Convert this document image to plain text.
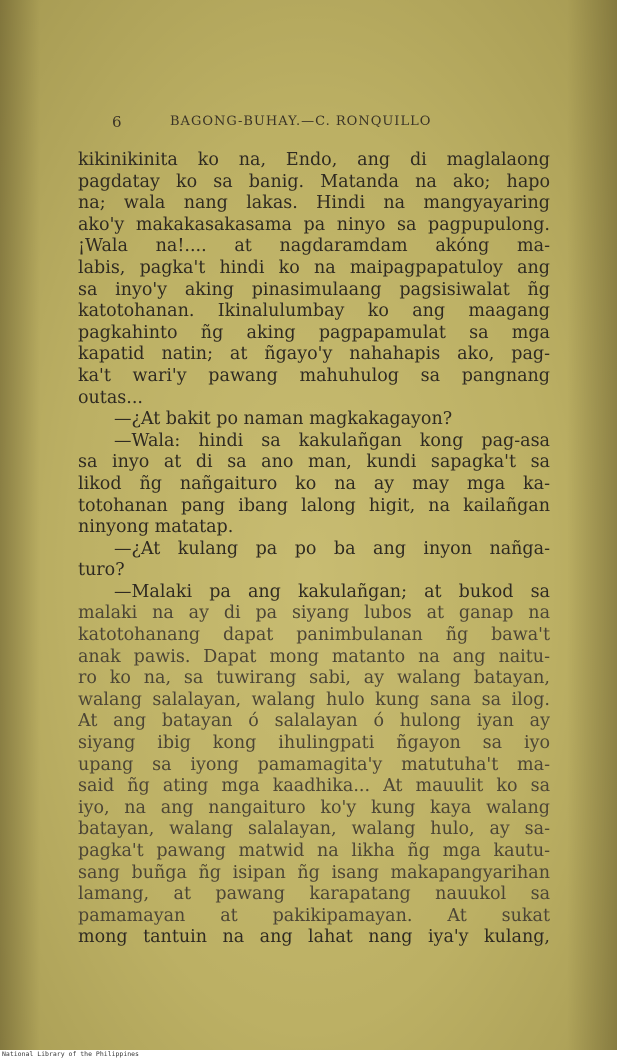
6	BAGONG-BUHAY.—C. RONQUILLO
kikinikinita ko na, Endo, ang di maglalaong
pagdatay ko sa banig. Matanda na ako; hapo
na; wala nang lakas. Hindi na mangyayaring
ako'y makakasakasama pa ninyo sa pagpupulong.
¡Wala na!.... at nagdaramdam akóng ma-
labis, pagka't hindi ko na maipagpapatuloy ang
sa inyo'y aking pinasimulaang pagsisiwalat ñg
katotohanan. Ikinalulumbay ko ang maagang
pagkahinto ñg aking pagpapamulat sa mga
kapatid natin; at ñgayo'y nahahapis ako, pag-
ka't wari'y pawang mahuhulog sa pangnang
outas...
—¿At bakit po naman magkakagayon?
—Wala: hindi sa kakulañgan kong pag-asa
sa inyo at di sa ano man, kundi sapagka't sa
likod ñg nañgaituro ko na ay may mga ka-
totohanan pang ibang lalong higit, na kailañgan
ninyong matatap.
—¿At kulang pa po ba ang inyon nañga-
turo?
—Malaki pa ang kakulañgan; at bukod sa
malaki na ay di pa siyang lubos at ganap na
katotohanang dapat panimbulanan ñg bawa't
anak pawis. Dapat mong matanto na ang naitu-
ro ko na, sa tuwirang sabi, ay walang batayan,
walang salalayan, walang hulo kung sana sa ilog.
At ang batayan ó salalayan ó hulong iyan ay
siyang ibig kong ihulingpati ñgayon sa iyo
upang sa iyong pamamagita'y matutuha't ma-
said ñg ating mga kaadhika... At mauulit ko sa
iyo, na ang nangaituro ko'y kung kaya walang
batayan, walang salalayan, walang hulo, ay sa-
pagka't pawang matwid na likha ñg mga kautu-
sang buñga ñg isipan ñg isang makapangyarihan
lamang, at pawang karapatang nauukol sa
pamamayan at pakikipamayan. At sukat
mong tantuin na ang lahat nang iya'y kulang,
National Library of the Philippines
